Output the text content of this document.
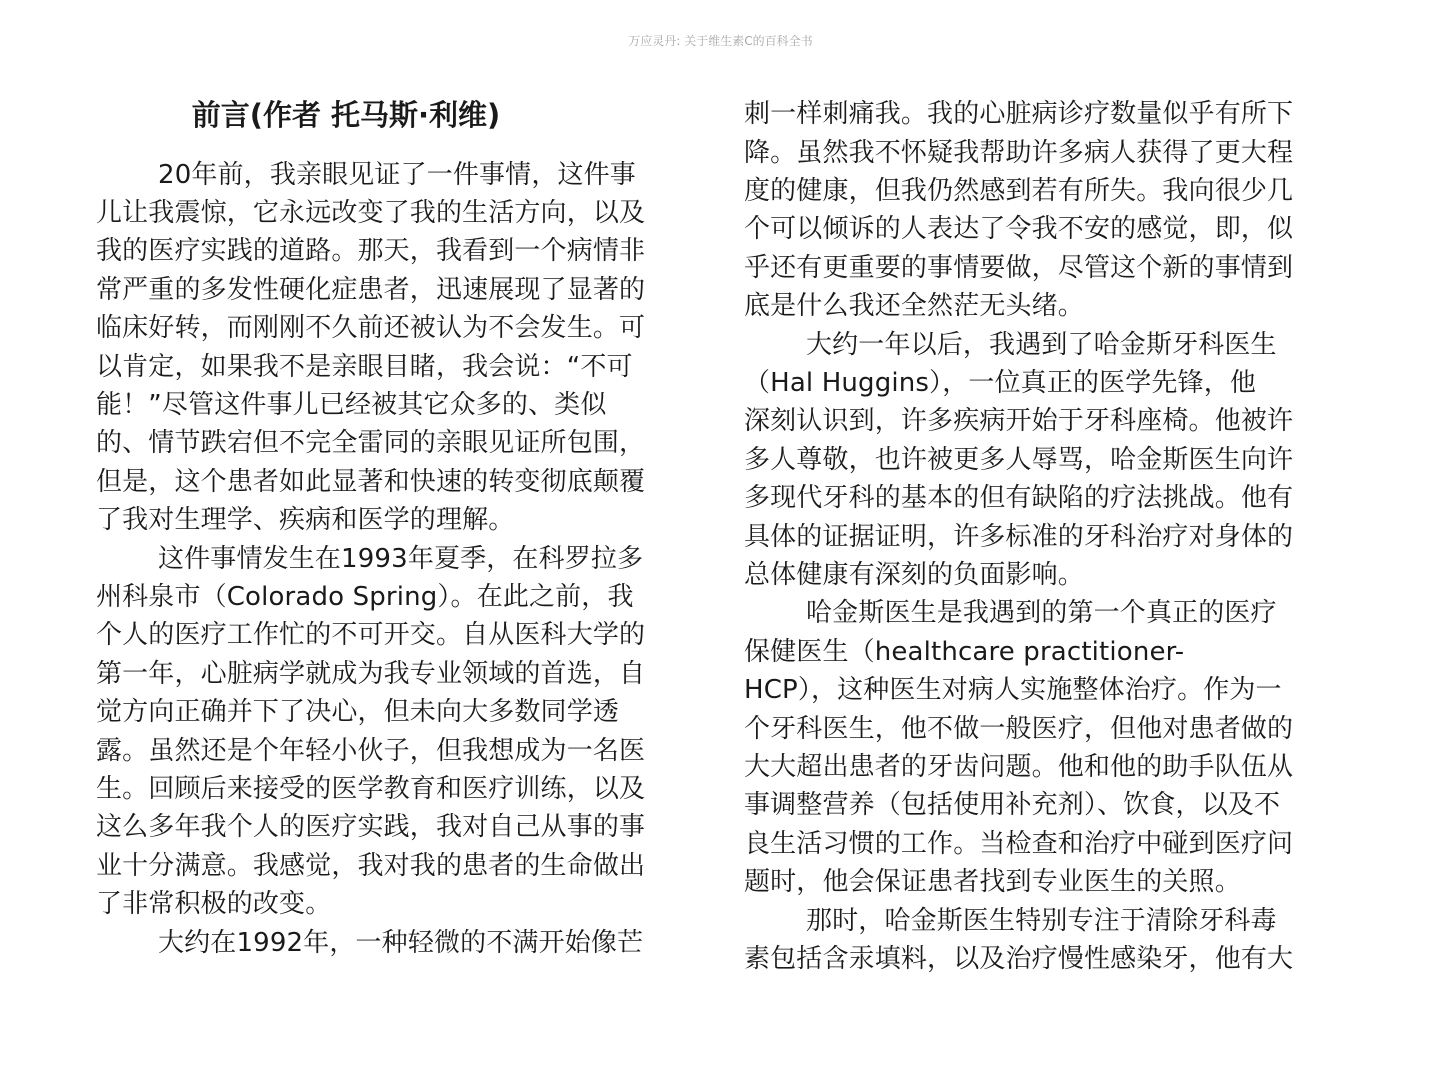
万应灵丹: 关于维生素C的百科全书
前言(作者 托马斯·利维)
20年前，我亲眼见证了一件事情，这件事
儿让我震惊，它永远改变了我的生活方向，以及
我的医疗实践的道路。那天，我看到一个病情非
常严重的多发性硬化症患者，迅速展现了显著的
临床好转，而刚刚不久前还被认为不会发生。可
以肯定，如果我不是亲眼目睹，我会说：“不可
能！”尽管这件事儿已经被其它众多的、类似
的、情节跌宕但不完全雷同的亲眼见证所包围，
但是，这个患者如此显著和快速的转变彻底颠覆
了我对生理学、疾病和医学的理解。
这件事情发生在1993年夏季，在科罗拉多
州科泉市（Colorado Spring）。在此之前，我
个人的医疗工作忙的不可开交。自从医科大学的
第一年，心脏病学就成为我专业领域的首选，自
觉方向正确并下了决心，但未向大多数同学透
露。虽然还是个年轻小伙子，但我想成为一名医
生。回顾后来接受的医学教育和医疗训练，以及
这么多年我个人的医疗实践，我对自己从事的事
业十分满意。我感觉，我对我的患者的生命做出
了非常积极的改变。
大约在1992年，一种轻微的不满开始像芒
刺一样刺痛我。我的心脏病诊疗数量似乎有所下
降。虽然我不怀疑我帮助许多病人获得了更大程
度的健康，但我仍然感到若有所失。我向很少几
个可以倾诉的人表达了令我不安的感觉，即，似
乎还有更重要的事情要做，尽管这个新的事情到
底是什么我还全然茫无头绪。
大约一年以后，我遇到了哈金斯牙科医生
（Hal Huggins），一位真正的医学先锋，他
深刻认识到，许多疾病开始于牙科座椅。他被许
多人尊敬，也许被更多人辱骂，哈金斯医生向许
多现代牙科的基本的但有缺陷的疗法挑战。他有
具体的证据证明，许多标准的牙科治疗对身体的
总体健康有深刻的负面影响。
哈金斯医生是我遇到的第一个真正的医疗
保健医生（healthcare practitioner-
HCP），这种医生对病人实施整体治疗。作为一
个牙科医生，他不做一般医疗，但他对患者做的
大大超出患者的牙齿问题。他和他的助手队伍从
事调整营养（包括使用补充剂）、饮食，以及不
良生活习惯的工作。当检查和治疗中碰到医疗问
题时，他会保证患者找到专业医生的关照。
那时，哈金斯医生特别专注于清除牙科毒
素包括含汞填料，以及治疗慢性感染牙，他有大
